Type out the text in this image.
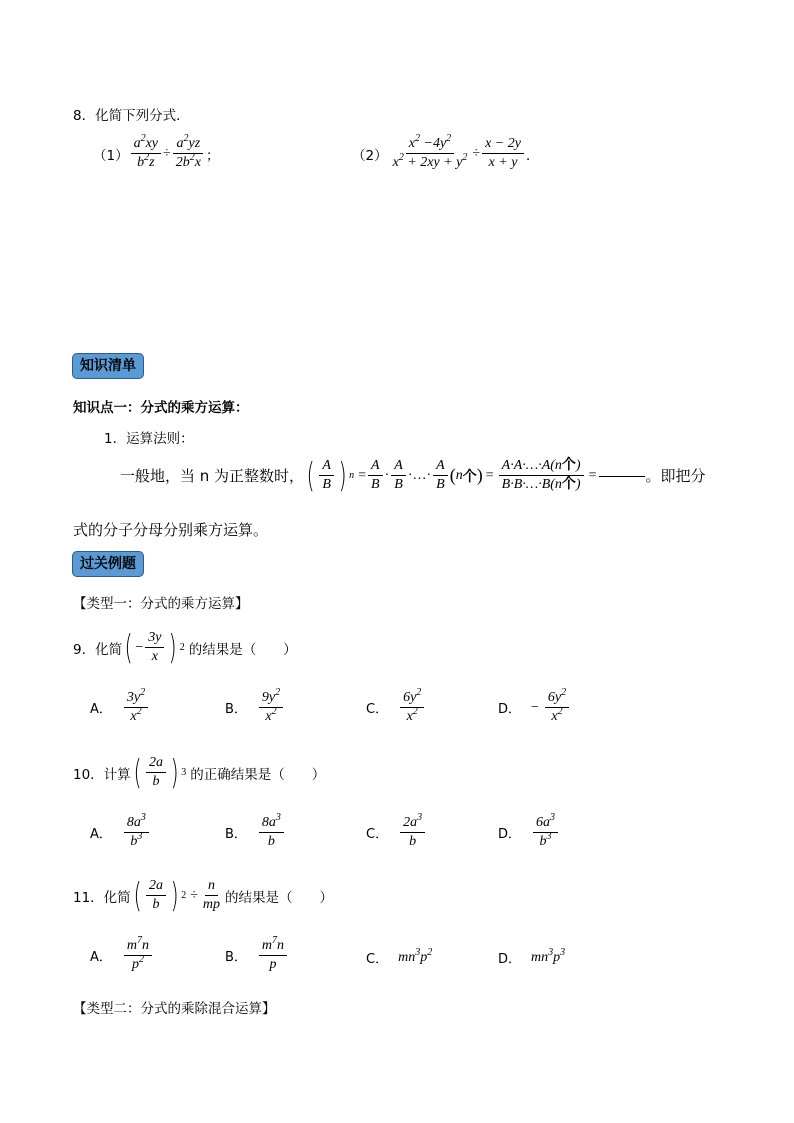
8．化简下列分式．
$(1) \frac{a^2xy}{b^2z} \div \frac{a^2yz}{2b^2x}$ ；	$(2) \frac{x^2 -4y^2}{x^2 + 2xy + y^2} \div \frac{x - 2y}{x + y}$ ．
知识清单
知识点一：分式的乘方运算：
1．运算法则：
一般地，当 n 为正整数时， ( $\frac{A}{B}$ ) $n = \frac{A}{B} \cdot \frac{A}{B}$ ·…· $\frac{A}{B}$ ( n 个 ) = $\frac{\text{A·A·…·A(n个)}}{\text{B·B·…·B(n个)}}$ =	。即把分
式的分子分母分别乘方运算。
过关例题
【类型一：分式的乘方运算】
9．化简 ( − $\frac{3y}{x}$ ) 2 的结果是（　　）
A． $\frac{3y^2}{x^2}$	B． $\frac{9y^2}{x^2}$	C． $\frac{6y^2}{x^2}$	D． − $\frac{6y^2}{x^2}$
10．计算 ( $\frac{2a}{b}$ ) 3 的正确结果是（　　）
A． $\frac{8a^3}{b^3}$	B． $\frac{8a^3}{b}$	C． $\frac{2a^3}{b}$	D． $\frac{6a^3}{b^3}$
11．化简 ( $\frac{2a}{b}$ ) $2 \div \frac{n}{mp}$ 的结果是（　　）
A． $\frac{m^7n}{p^2}$	B． $\frac{m^7n}{p}$	C． $mn^3p^2$	D． $mn^3p^3$
【类型二：分式的乘除混合运算】
